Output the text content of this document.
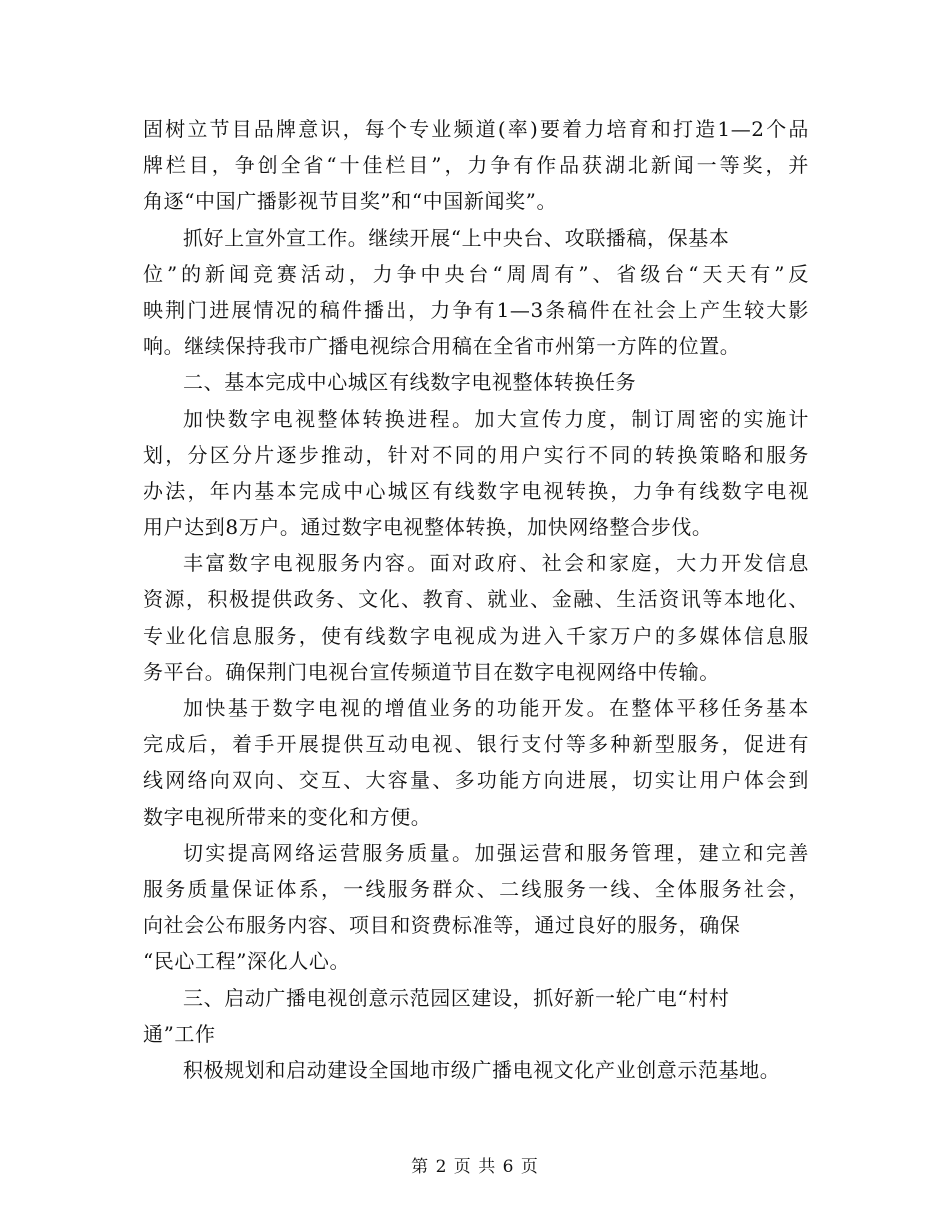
固树立节目品牌意识，每个专业频道(率)要着力培育和打造1—2个品
牌栏目，争创全省“十佳栏目”，力争有作品获湖北新闻一等奖，并
角逐“中国广播影视节目奖”和“中国新闻奖”。
抓好上宣外宣工作。继续开展“上中央台、攻联播稿，保基本
位”的新闻竞赛活动，力争中央台“周周有”、省级台“天天有”反
映荆门进展情况的稿件播出，力争有1—3条稿件在社会上产生较大影
响。继续保持我市广播电视综合用稿在全省市州第一方阵的位置。
二、基本完成中心城区有线数字电视整体转换任务
加快数字电视整体转换进程。加大宣传力度，制订周密的实施计
划，分区分片逐步推动，针对不同的用户实行不同的转换策略和服务
办法，年内基本完成中心城区有线数字电视转换，力争有线数字电视
用户达到8万户。通过数字电视整体转换，加快网络整合步伐。
丰富数字电视服务内容。面对政府、社会和家庭，大力开发信息
资源，积极提供政务、文化、教育、就业、金融、生活资讯等本地化、
专业化信息服务，使有线数字电视成为进入千家万户的多媒体信息服
务平台。确保荆门电视台宣传频道节目在数字电视网络中传输。
加快基于数字电视的增值业务的功能开发。在整体平移任务基本
完成后，着手开展提供互动电视、银行支付等多种新型服务，促进有
线网络向双向、交互、大容量、多功能方向进展，切实让用户体会到
数字电视所带来的变化和方便。
切实提高网络运营服务质量。加强运营和服务管理，建立和完善
服务质量保证体系，一线服务群众、二线服务一线、全体服务社会，
向社会公布服务内容、项目和资费标准等，通过良好的服务，确保
“民心工程”深化人心。
三、启动广播电视创意示范园区建设，抓好新一轮广电“村村
通”工作
积极规划和启动建设全国地市级广播电视文化产业创意示范基地。
第 2 页 共 6 页
